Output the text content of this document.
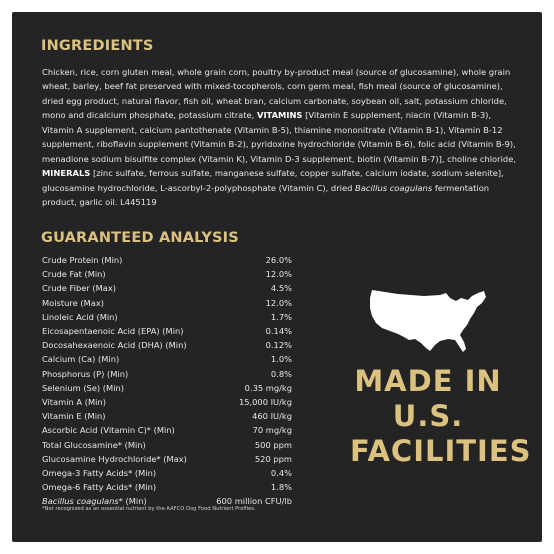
INGREDIENTS

Chicken, rice, corn gluten meal, whole grain corn, poultry by-product meal (source of glucosamine), whole grain wheat, barley, beef fat preserved with mixed-tocopherols, corn germ meal, fish meal (source of glucosamine), dried egg product, natural flavor, fish oil, wheat bran, calcium carbonate, soybean oil, salt, potassium chloride, mono and dicalcium phosphate, potassium citrate, VITAMINS [Vitamin E supplement, niacin (Vitamin B-3), Vitamin A supplement, calcium pantothenate (Vitamin B-5), thiamine mononitrate (Vitamin B-1), Vitamin B-12 supplement, riboflavin supplement (Vitamin B-2), pyridoxine hydrochloride (Vitamin B-6), folic acid (Vitamin B-9), menadione sodium bisulfite complex (Vitamin K), Vitamin D-3 supplement, biotin (Vitamin B-7)], choline chloride, MINERALS [zinc sulfate, ferrous sulfate, manganese sulfate, copper sulfate, calcium iodate, sodium selenite], glucosamine hydrochloride, L-ascorbyl-2-polyphosphate (Vitamin C), dried Bacillus coagulans fermentation product, garlic oil. L445119

GUARANTEED ANALYSIS
Crude Protein (Min)	26.0%
Crude Fat (Min)	12.0%
Crude Fiber (Max)	4.5%
Moisture (Max)	12.0%
Linoleic Acid (Min)	1.7%
Eicosapentaenoic Acid (EPA) (Min)	0.14%
Docosahexaenoic Acid (DHA) (Min)	0.12%
Calcium (Ca) (Min)	1.0%
Phosphorus (P) (Min)	0.8%
Selenium (Se) (Min)	0.35 mg/kg
Vitamin A (Min)	15,000 IU/kg
Vitamin E (Min)	460 IU/kg
Ascorbic Acid (Vitamin C)* (Min)	70 mg/kg
Total Glucosamine* (Min)	500 ppm
Glucosamine Hydrochloride* (Max)	520 ppm
Omega-3 Fatty Acids* (Min)	0.4%
Omega-6 Fatty Acids* (Min)	1.8%
Bacillus coagulans* (Min)	600 million CFU/lb

*Not recognized as an essential nutrient by the AAFCO Dog Food Nutrient Profiles.

MADE IN
U.S.
FACILITIES
